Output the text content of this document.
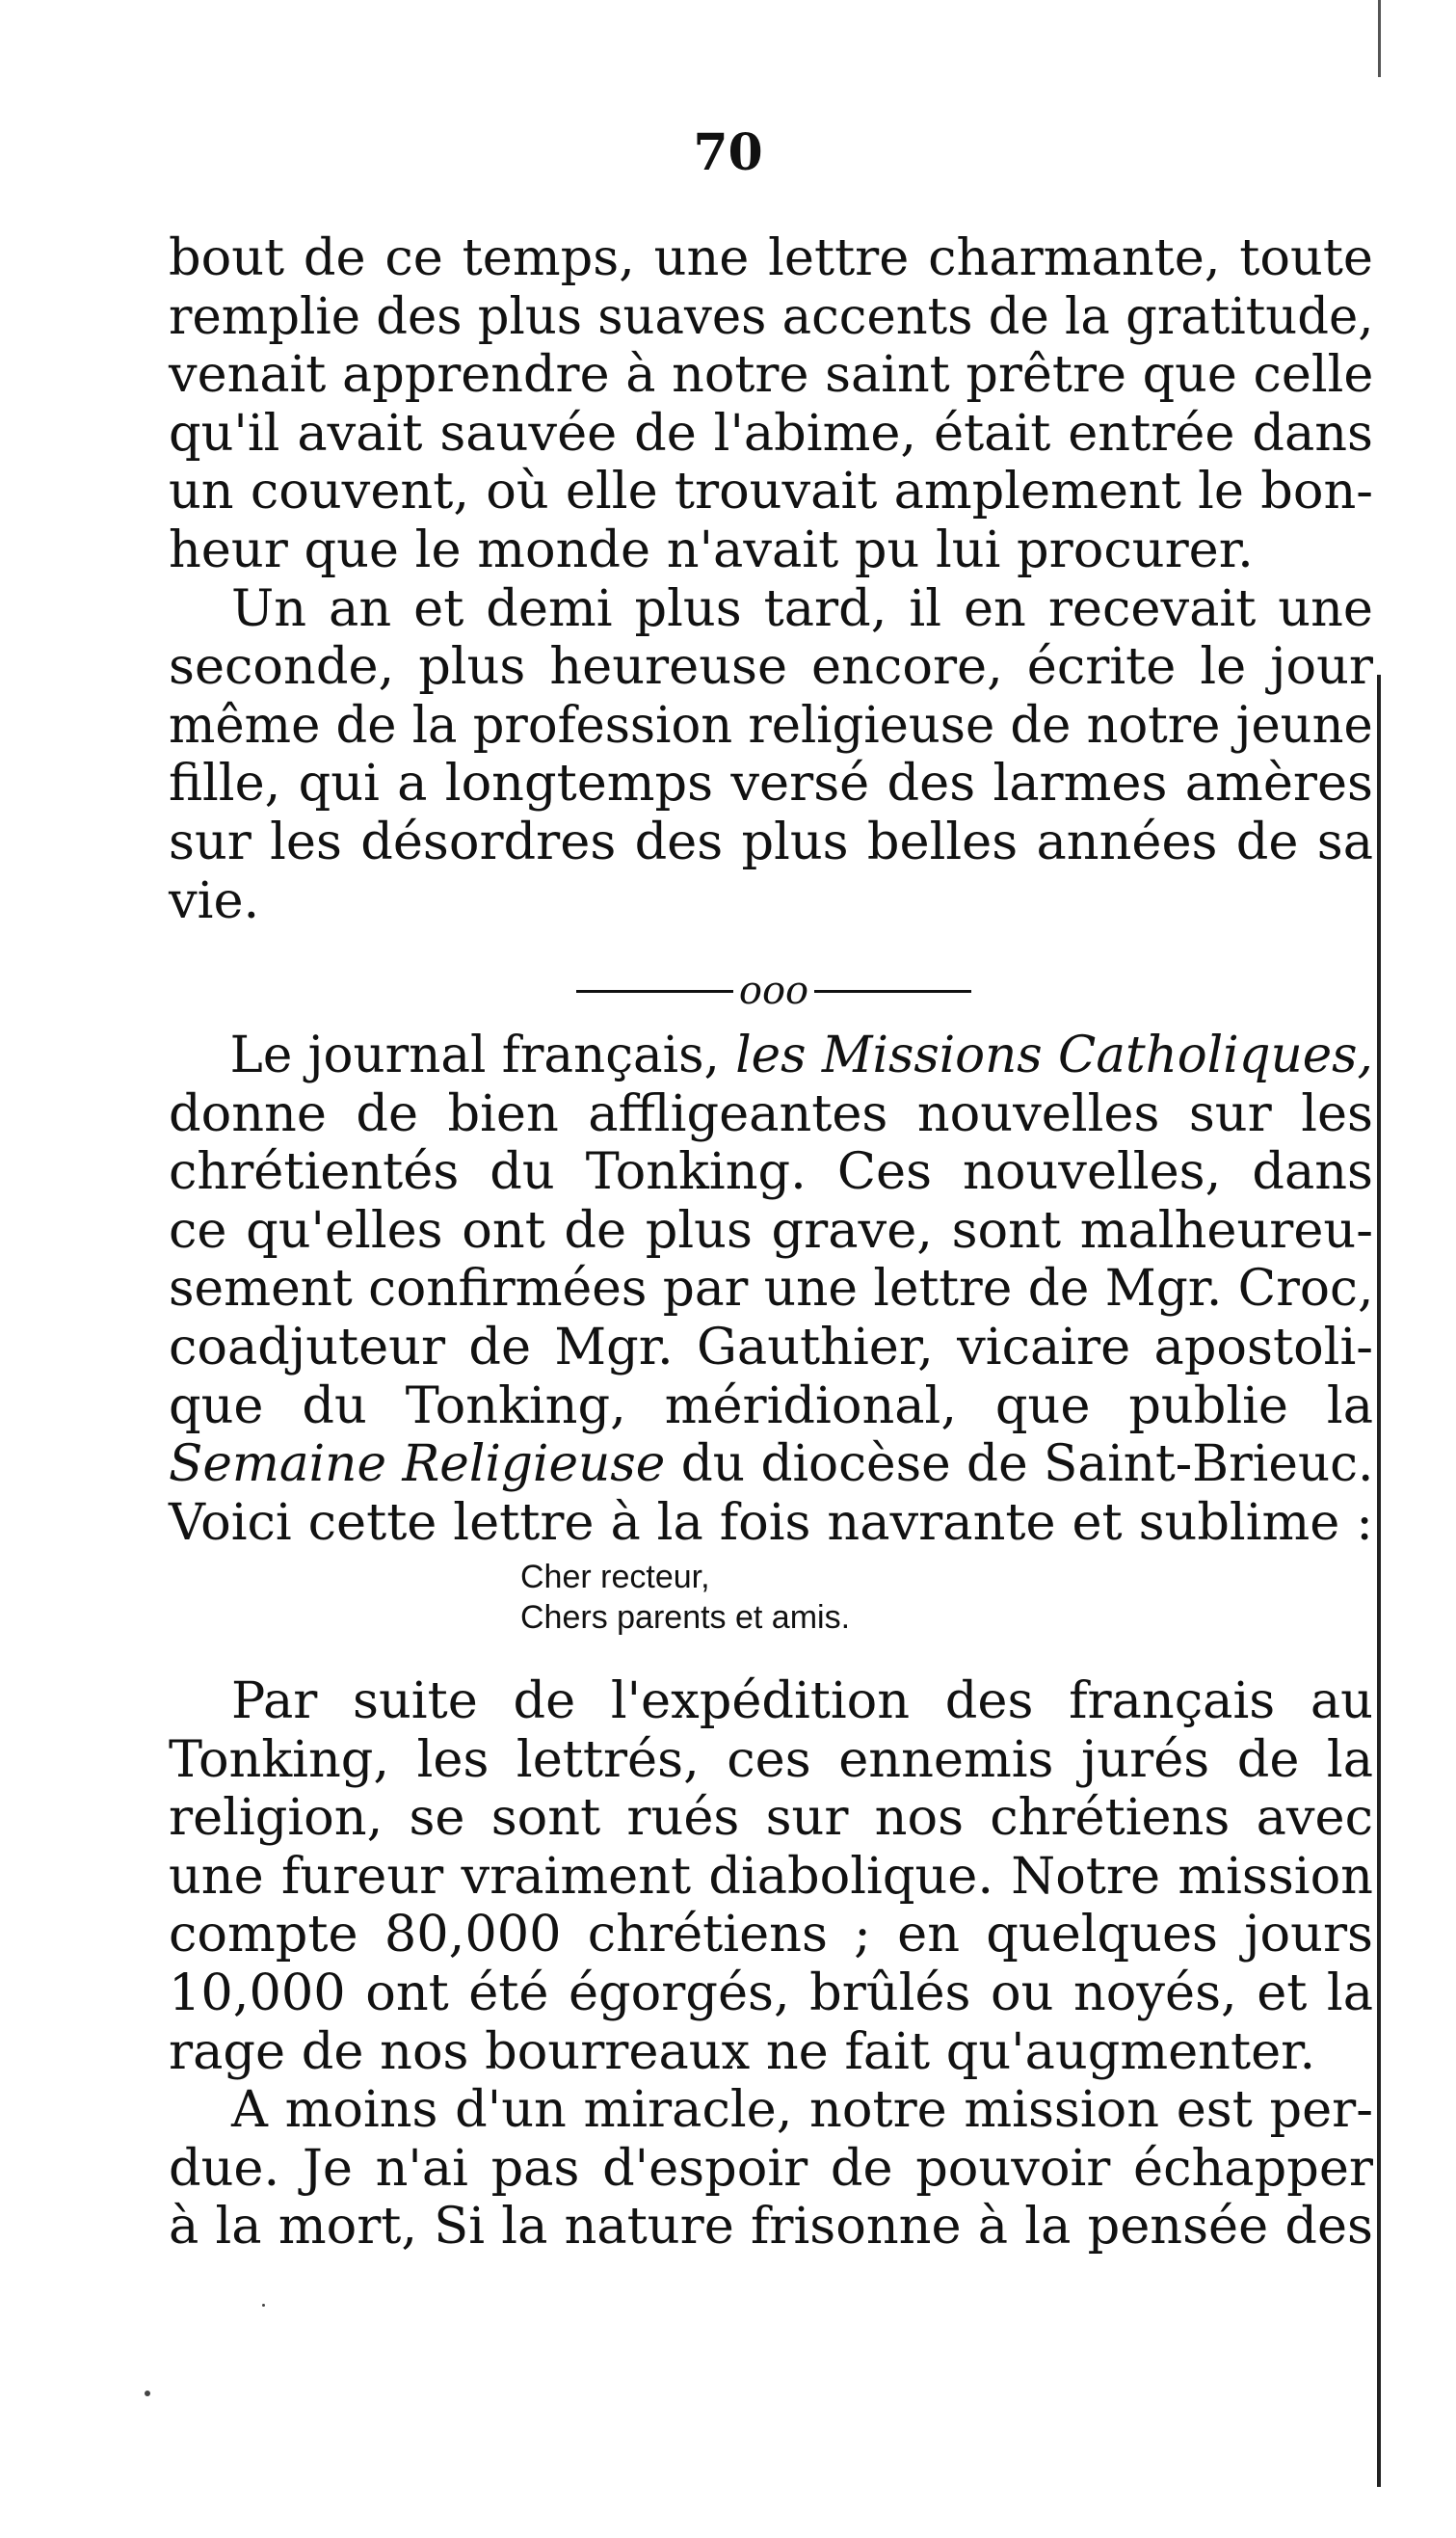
70
bout de ce temps, une lettre charmante, toute
remplie des plus suaves accents de la gratitude,
venait apprendre à notre saint prêtre que celle
qu'il avait sauvée de l'abime, était entrée dans
un couvent, où elle trouvait amplement le bon-
heur que le monde n'avait pu lui procurer.
Un an et demi plus tard, il en recevait une
seconde, plus heureuse encore, écrite le jour
même de la profession religieuse de notre jeune
fille, qui a longtemps versé des larmes amères
sur les désordres des plus belles années de sa
vie.
ooo
Le journal français, les Missions Catholiques,
donne de bien affligeantes nouvelles sur les
chrétientés du Tonking. Ces nouvelles, dans
ce qu'elles ont de plus grave, sont malheureu-
sement confirmées par une lettre de Mgr. Croc,
coadjuteur de Mgr. Gauthier, vicaire apostoli-
que du Tonking, méridional, que publie la
Semaine Religieuse du diocèse de Saint-Brieuc.
Voici cette lettre à la fois navrante et sublime :
Cher recteur,
Chers parents et amis.
Par suite de l'expédition des français au
Tonking, les lettrés, ces ennemis jurés de la
religion, se sont rués sur nos chrétiens avec
une fureur vraiment diabolique. Notre mission
compte 80,000 chrétiens ; en quelques jours
10,000 ont été égorgés, brûlés ou noyés, et la
rage de nos bourreaux ne fait qu'augmenter.
A moins d'un miracle, notre mission est per-
due. Je n'ai pas d'espoir de pouvoir échapper
à la mort, Si la nature frisonne à la pensée des
